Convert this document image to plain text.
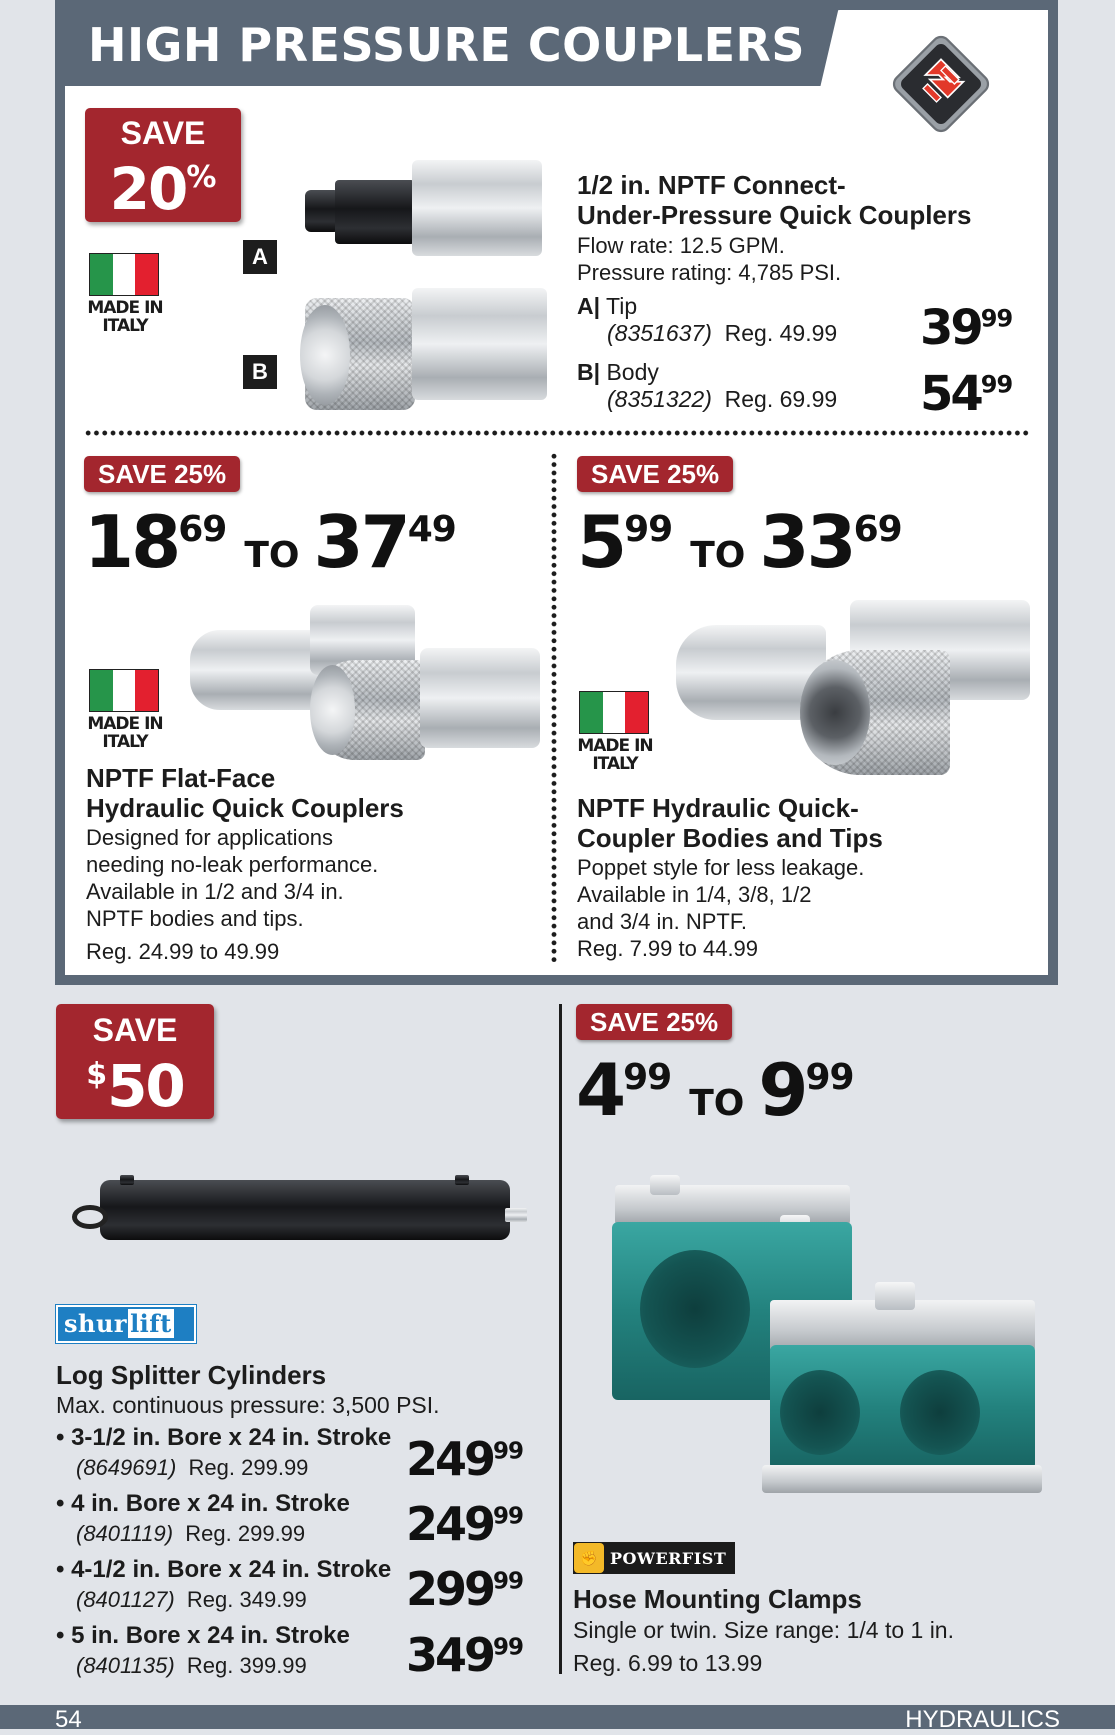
HIGH PRESSURE COUPLERS
SAVE
20%
MADE IN
ITALY
A
B
1/2 in. NPTF Connect-
Under-Pressure Quick Couplers
Flow rate: 12.5 GPM.
Pressure rating: 4,785 PSI.
A| Tip
(8351637) Reg. 49.99 $39^{99}$
B| Body
(8351322) Reg. 69.99 $54^{99}$
SAVE 25%
$18^{69}TO$ $37^{49}$
MADE IN
ITALY
NPTF Flat-Face
Hydraulic Quick Couplers
Designed for applications
needing no-leak performance.
Available in 1/2 and 3/4 in.
NPTF bodies and tips.
Reg. 24.99 to 49.99
SAVE 25%
$5^{99}TO$ $33^{69}$
MADE IN
ITALY
NPTF Hydraulic Quick-
Coupler Bodies and Tips
Poppet style for less leakage.
Available in 1/4, 3/8, 1/2
and 3/4 in. NPTF.
Reg. 7.99 to 44.99
SAVE
$50
shur lift
Log Splitter Cylinders
Max. continuous pressure: 3,500 PSI.
• 3-1/2 in. Bore x 24 in. Stroke
(8649691) Reg. 299.99
• 4 in. Bore x 24 in. Stroke
(8401119) Reg. 299.99
• 4-1/2 in. Bore x 24 in. Stroke
(8401127) Reg. 349.99
• 5 in. Bore x 24 in. Stroke
(8401135) Reg. 399.99
$249^{99}$
$249^{99}$
$299^{99}$
$349^{99}$
SAVE 25%
$4^{99}TO$ $9^{99}$
✊ POWERFIST
Hose Mounting Clamps
Single or twin. Size range: 1/4 to 1 in.
Reg. 6.99 to 13.99
54	HYDRAULICS
